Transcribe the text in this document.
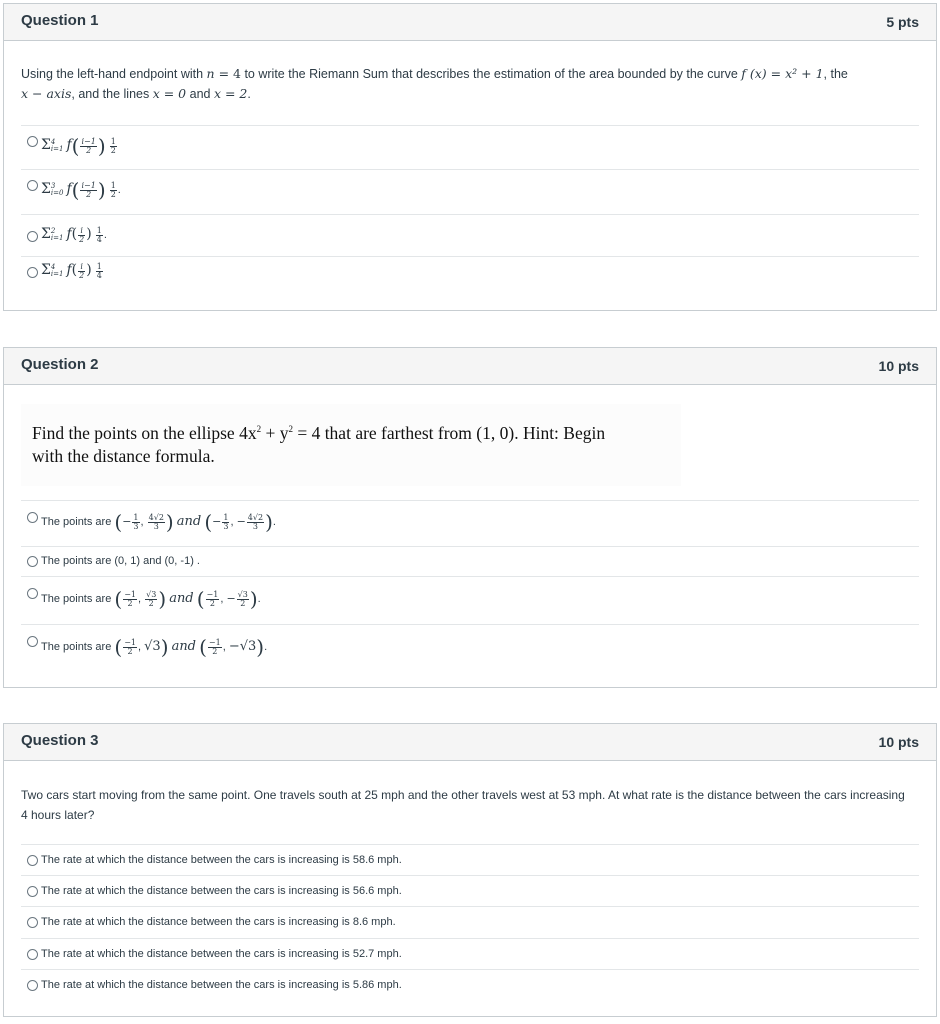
Question 1	5 pts
Using the left-hand endpoint with n = 4 to write the Riemann Sum that describes the estimation of the area bounded by the curve f (x) = x² + 1, the
x − axis, and the lines x = 0 and x = 2.
Σ4
i=1 $f( \frac{i-1}{2}$ ) $\frac{1}{2}$
Σ3
i=0 $f( \frac{i-1}{2}$ ) $\frac{1}{2}$ .
Σ2
i=1 $f( \frac{i}{2}$ ) $\frac{1}{4}$ .
Σ4
i=1 $f( \frac{i}{2}$ ) $\frac{1}{4}$
Question 2	10 pts
Find the points on the ellipse $4x^2 + y^2 = 4$ that are farthest from (1, 0). Hint: Begin
with the distance formula.
The points are (− $\frac{1}{3}$ , $\frac{4√2}{3}$ ) and (− $\frac{1}{3}$ , − $\frac{4√2}{3}$ ).
The points are (0, 1) and (0, -1) .
The points are ( $\frac{-1}{2}$ , $\frac{√3}{2}$ ) and ( $\frac{-1}{2}$ , − $\frac{√3}{2}$ ).
The points are ( $\frac{-1}{2}$ , √3) and ( $\frac{-1}{2}$ , −√3).
Question 3	10 pts
Two cars start moving from the same point. One travels south at 25 mph and the other travels west at 53 mph. At what rate is the distance between the cars increasing 4 hours later?
The rate at which the distance between the cars is increasing is 58.6 mph.
The rate at which the distance between the cars is increasing is 56.6 mph.
The rate at which the distance between the cars is increasing is 8.6 mph.
The rate at which the distance between the cars is increasing is 52.7 mph.
The rate at which the distance between the cars is increasing is 5.86 mph.
